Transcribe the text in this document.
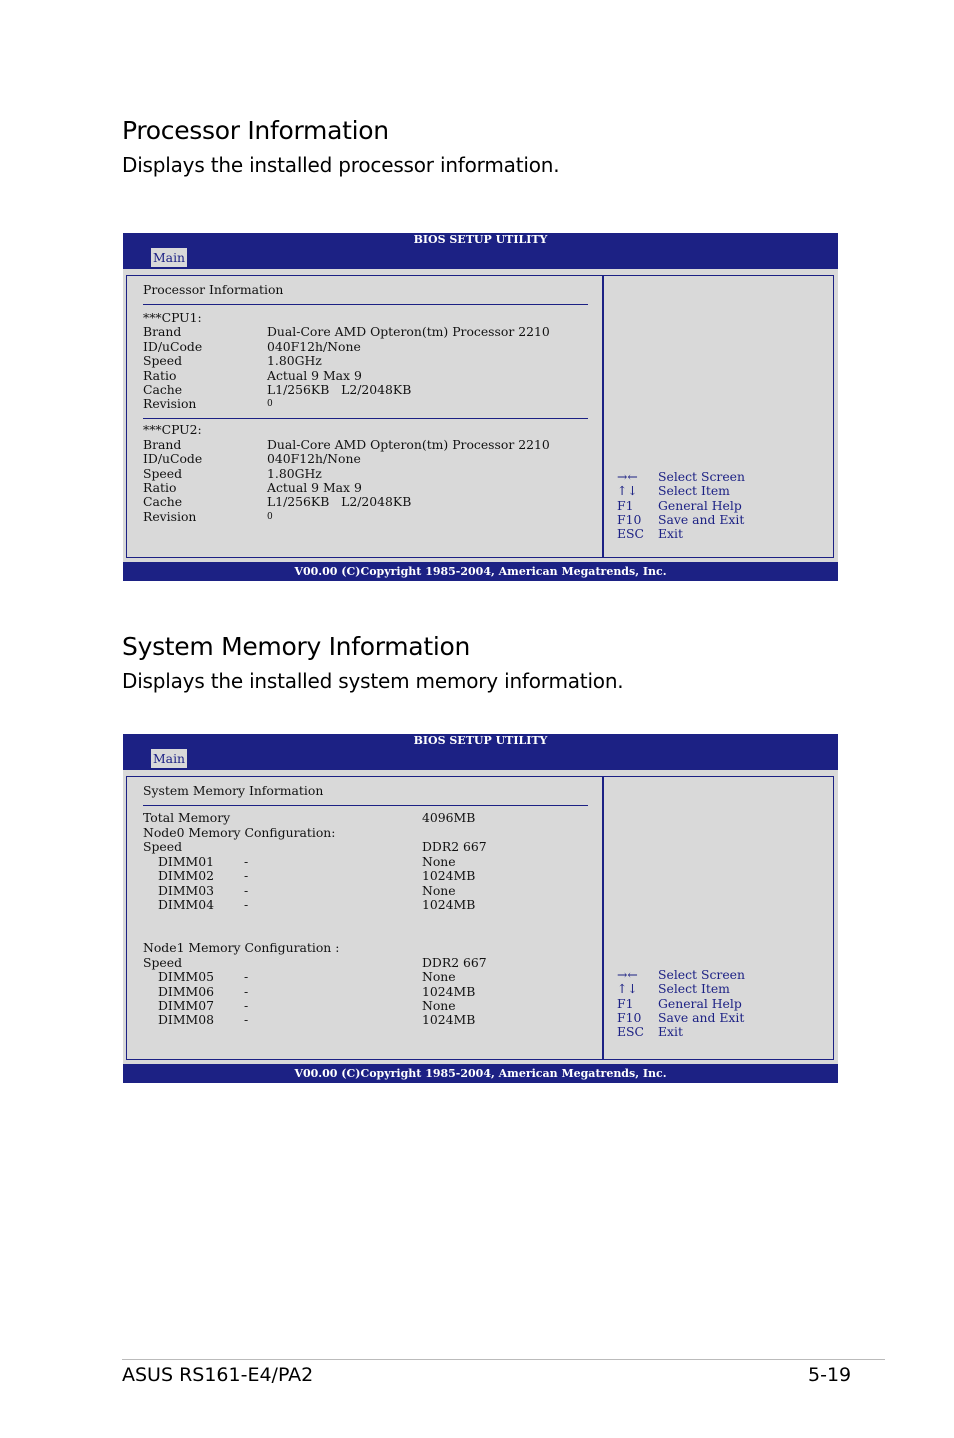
Processor Information

Displays the installed processor information.

BIOS SETUP UTILITY
Main
Processor Information
***CPU1:
Brand	Dual-Core AMD Opteron(tm) Processor 2210
ID/uCode	040F12h/None
Speed	1.80GHz
Ratio	Actual 9 Max 9
Cache	L1/256KB   L2/2048KB
Revision	0
***CPU2:
Brand	Dual-Core AMD Opteron(tm) Processor 2210
ID/uCode	040F12h/None
Speed	1.80GHz
Ratio	Actual 9 Max 9
Cache	L1/256KB   L2/2048KB
Revision	0
→← Select Screen
↑↓ Select Item
F1 General Help
F10 Save and Exit
ESC Exit
V00.00 (C)Copyright 1985-2004, American Megatrends, Inc.
System Memory Information

Displays the installed system memory information.

BIOS SETUP UTILITY
Main
System Memory Information
Total Memory	4096MB
Node0 Memory Configuration:
Speed	DDR2 667
DIMM01 -	None
DIMM02 -	1024MB
DIMM03 -	None
DIMM04 -	1024MB
Node1 Memory Configuration :
Speed	DDR2 667
DIMM05 -	None
DIMM06 -	1024MB
DIMM07 -	None
DIMM08 -	1024MB
→← Select Screen
↑↓ Select Item
F1 General Help
F10 Save and Exit
ESC Exit
V00.00 (C)Copyright 1985-2004, American Megatrends, Inc.
ASUS RS161-E4/PA2	5-19
